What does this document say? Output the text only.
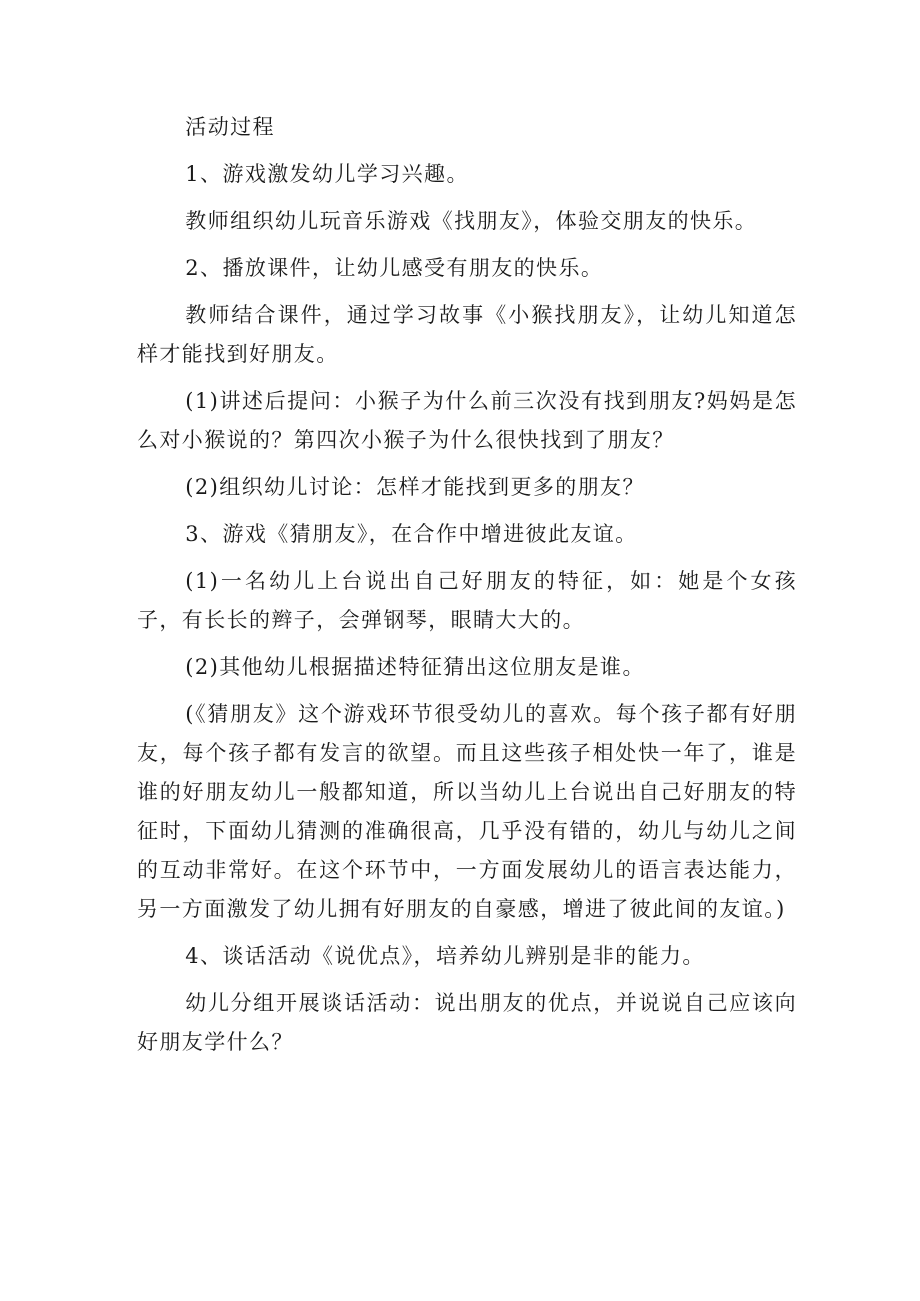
活动过程

1、游戏激发幼儿学习兴趣。

教师组织幼儿玩音乐游戏《找朋友》，体验交朋友的快乐。

2、播放课件，让幼儿感受有朋友的快乐。

教师结合课件，通过学习故事《小猴找朋友》，让幼儿知道怎样才能找到好朋友。

(1)讲述后提问：小猴子为什么前三次没有找到朋友?妈妈是怎么对小猴说的？第四次小猴子为什么很快找到了朋友？

(2)组织幼儿讨论：怎样才能找到更多的朋友？

3、游戏《猜朋友》，在合作中增进彼此友谊。

(1)一名幼儿上台说出自己好朋友的特征，如：她是个女孩子，有长长的辫子，会弹钢琴，眼睛大大的。

(2)其他幼儿根据描述特征猜出这位朋友是谁。

(《猜朋友》这个游戏环节很受幼儿的喜欢。每个孩子都有好朋友，每个孩子都有发言的欲望。而且这些孩子相处快一年了，谁是谁的好朋友幼儿一般都知道，所以当幼儿上台说出自己好朋友的特征时，下面幼儿猜测的准确很高，几乎没有错的，幼儿与幼儿之间的互动非常好。在这个环节中，一方面发展幼儿的语言表达能力，另一方面激发了幼儿拥有好朋友的自豪感，增进了彼此间的友谊。)

4、谈话活动《说优点》，培养幼儿辨别是非的能力。

幼儿分组开展谈话活动：说出朋友的优点，并说说自己应该向好朋友学什么？
